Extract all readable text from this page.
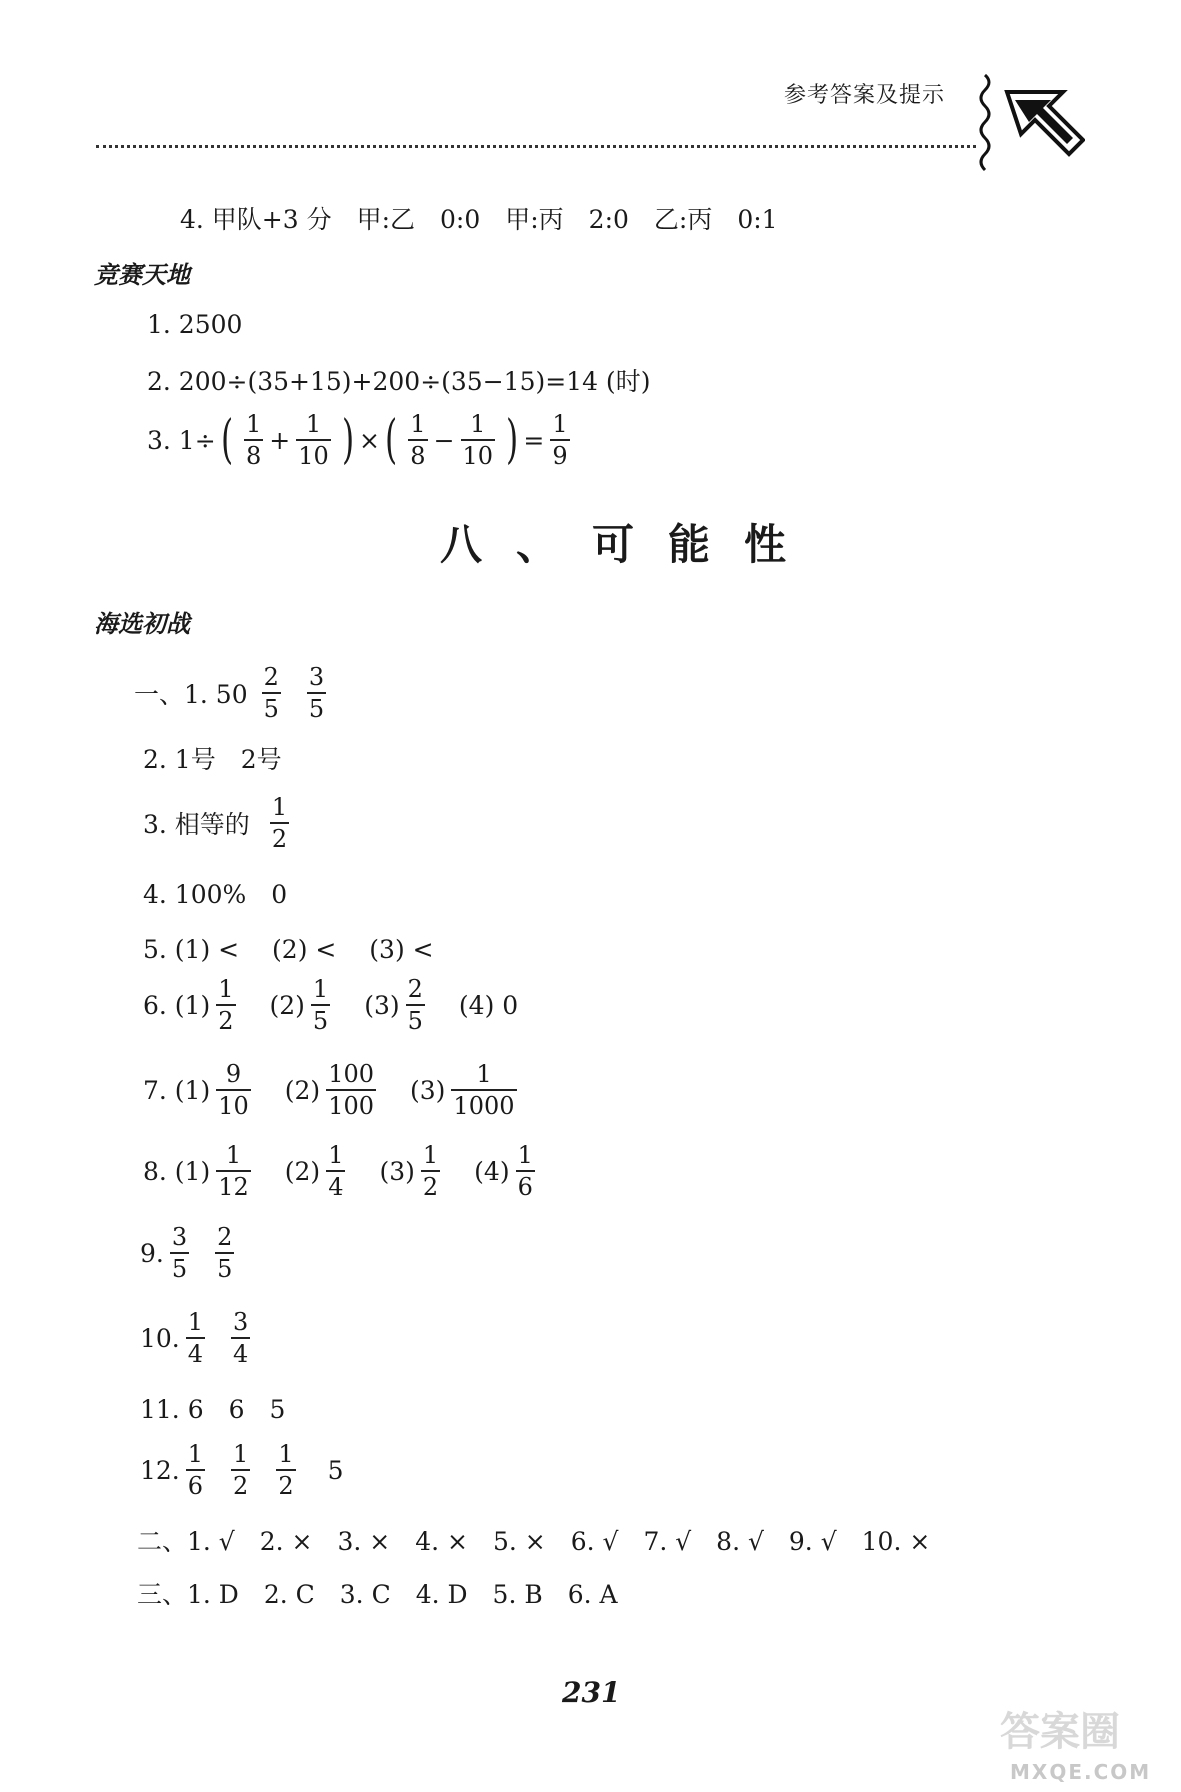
参考答案及提示
4. 甲队+3 分　甲:乙　0:0　甲:丙　2:0　乙:丙　0:1
竞赛天地
1. 2500
2. 200÷(35+15)+200÷(35−15)=14 (时)
3. 1÷ ( $\frac{1}{8} + \frac{1}{10}$ ) × ( $\frac{1}{8} - \frac{1}{10}$ ) = $\frac{1}{9}$
八、可能性
海选初战
一、1. $50 \frac{2}{5} \frac{3}{5}$
2. 1号　2号
3. 相等的 $\frac{1}{2}$
4. 100%　0
5. (1) <　 (2) <　 (3) <
6. $(1) \frac{1}{2} (2) \frac{1}{5} (3) \frac{2}{5} (4)$
0
7. $(1) \frac{9}{10} (2) \frac{100}{100} (3) \frac{1}{1000}$
8. $(1) \frac{1}{12} (2) \frac{1}{4} (3) \frac{1}{2} (4) \frac{1}{6}$
9. $\frac{3}{5} \frac{2}{5}$
10. $\frac{1}{4} \frac{3}{4}$
11. 6　6　5
12. $\frac{1}{6} \frac{1}{2} \frac{1}{2} 5$
二、1. √　2. ×　3. ×　4. ×　5. ×　6. √　7. √　8. √　9. √　10. ×
三、1. D　2. C　3. C　4. D　5. B　6. A
231
答案圈
MXQE.COM
